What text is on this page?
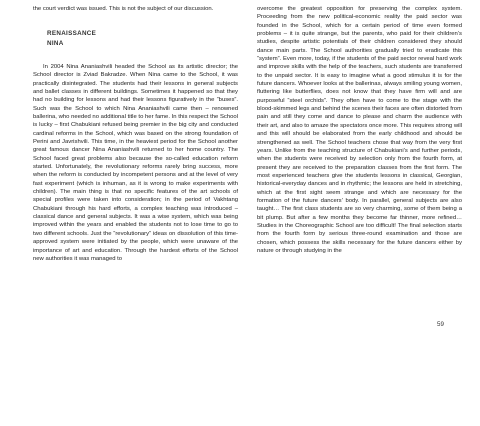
the court verdict was issued. This is not the subject of our discussion.

RENAISSANCE
NINA

In 2004 Nina Ananiashvili headed the School as its artistic director; the School director is Zviad Bakradze. When Nina came to the School, it was practically disintegrated. The students had their lessons in general subjects and ballet classes in different buildings. Sometimes it happened so that they had no building for lessons and had their lessons figuratively in the “buses”. Such was the School to which Nina Ananiashvili came then – renowned ballerina, who needed no additional title to her fame. In this respect the School is lucky – first Chabukiani refused being premier in the big city and conducted cardinal reforms in the School, which was based on the strong foundation of Perini and Javrishvili. This time, in the heaviest period for the School another great famous dancer Nina Ananiashvili returned to her home country. The School faced great problems also because the so-called education reform started. Unfortunately, the revolutionary reforms rarely bring success, more when the reform is conducted by incompetent persons and at the level of very fast experiment (which is inhuman, as it is wrong to make experiments with children). The main thing is that no specific features of the art schools of special profiles were taken into consideration; in the period of Vakhtang Chabukiani through his hard efforts, a complex teaching was introduced – classical dance and general subjects. It was a wise system, which was being improved within the years and enabled the students not to lose time to go to two different schools. Just the “revolutionary” ideas on dissolution of this time-approved system were initiated by the people, which were unaware of the importance of art and education. Through the hardest efforts of the School new authorities it was managed to

overcome the greatest opposition for preserving the complex system. Proceeding from the new political-economic reality the paid sector was founded in the School, which for a certain period of time even formed problems – it is quite strange, but the parents, who paid for their children’s studies, despite artistic potentials of their children considered they should dance main parts. The School authorities gradually tried to eradicate this “system”. Even more, today, if the students of the paid sector reveal hard work and improve skills with the help of the teachers, such students are transferred to the unpaid sector. It is easy to imagine what a good stimulus it is for the future dancers. Whoever looks at the ballerinas, always smiling young women, fluttering like butterflies, does not know that they have firm will and are purposeful “steel orchids”. They often have to come to the stage with the blood-skimmed legs and behind the scenes their faces are often distorted from pain and still they come and dance to please and charm the audience with their art, and also to amaze the spectators once more. This requires strong will and this will should be elaborated from the early childhood and should be strengthened as well. The School teachers chose that way from the very first years. Unlike from the teaching structure of Chabukiani’s and further periods, when the students were received by selection only from the fourth form, at present they are received to the preparation classes from the first form. The most experienced teachers give the students lessons in classical, Georgian, historical-everyday dances and in rhythmic; the lessons are held in stretching, which at the first sight seem strange and which are necessary for the formation of the future dancers’ body. In parallel, general subjects are also taught… The first class students are so very charming, some of them being a bit plump. But after a few months they become far thinner, more refined… Studies in the Choreographic School are too difficult! The final selection starts from the fourth form by serious three-round examination and those are chosen, which possess the skills necessary for the future dancers either by nature or through studying in the

59
